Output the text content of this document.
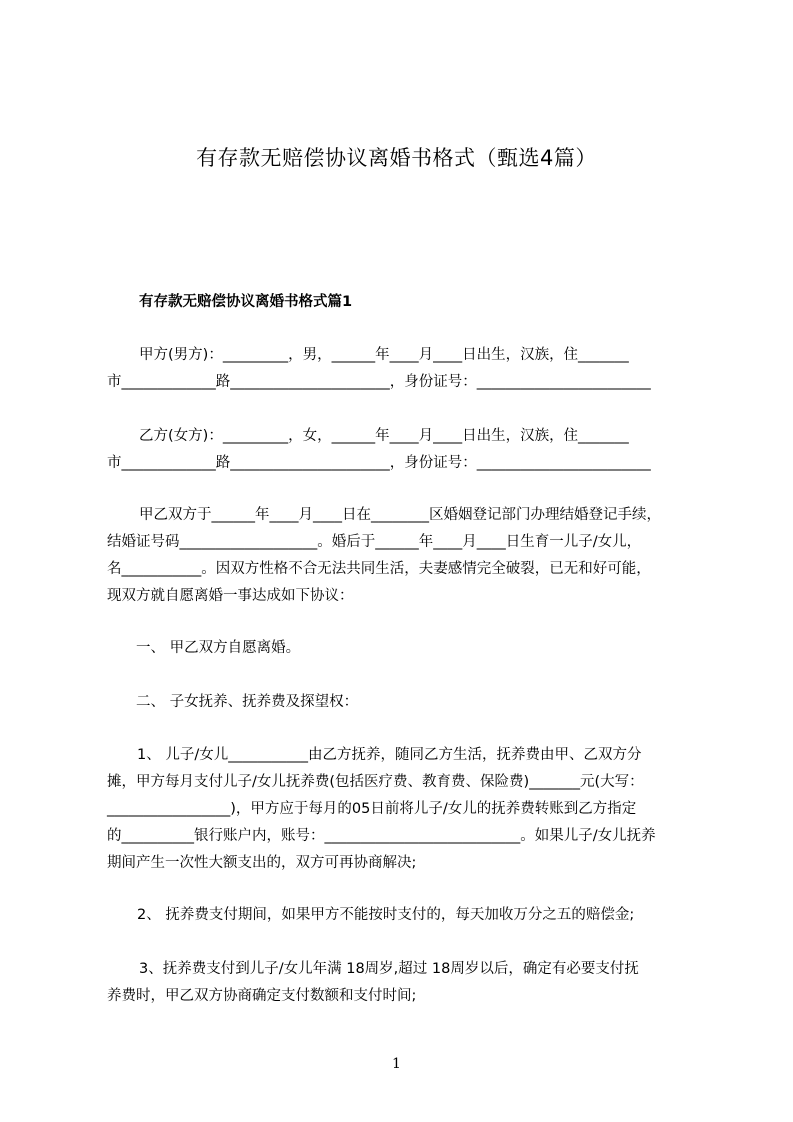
有存款无赔偿协议离婚书格式（甄选4篇）
有存款无赔偿协议离婚书格式篇1
甲方(男方)：_________，男，______年____月____日出生，汉族，住_______
市_____________路______________________，身份证号：________________________
乙方(女方)：_________，女，______年____月____日出生，汉族，住_______
市_____________路______________________，身份证号：________________________
甲乙双方于______年____月____日在________区婚姻登记部门办理结婚登记手续，
结婚证号码___________________。婚后于______年____月____日生育一儿子/女儿，
名___________。因双方性格不合无法共同生活，夫妻感情完全破裂，已无和好可能，
现双方就自愿离婚一事达成如下协议：
一、 甲乙双方自愿离婚。
二、 子女抚养、抚养费及探望权：
1、 儿子/女儿___________由乙方抚养，随同乙方生活，抚养费由甲、乙双方分
摊，甲方每月支付儿子/女儿抚养费(包括医疗费、教育费、保险费)_______元(大写：
_________________)，甲方应于每月的05日前将儿子/女儿的抚养费转账到乙方指定
的__________银行账户内，账号：___________________________。如果儿子/女儿抚养
期间产生一次性大额支出的，双方可再协商解决;
2、 抚养费支付期间，如果甲方不能按时支付的，每天加收万分之五的赔偿金;
3、抚养费支付到儿子/女儿年满 18周岁,超过 18周岁以后，确定有必要支付抚
养费时，甲乙双方协商确定支付数额和支付时间;
1
